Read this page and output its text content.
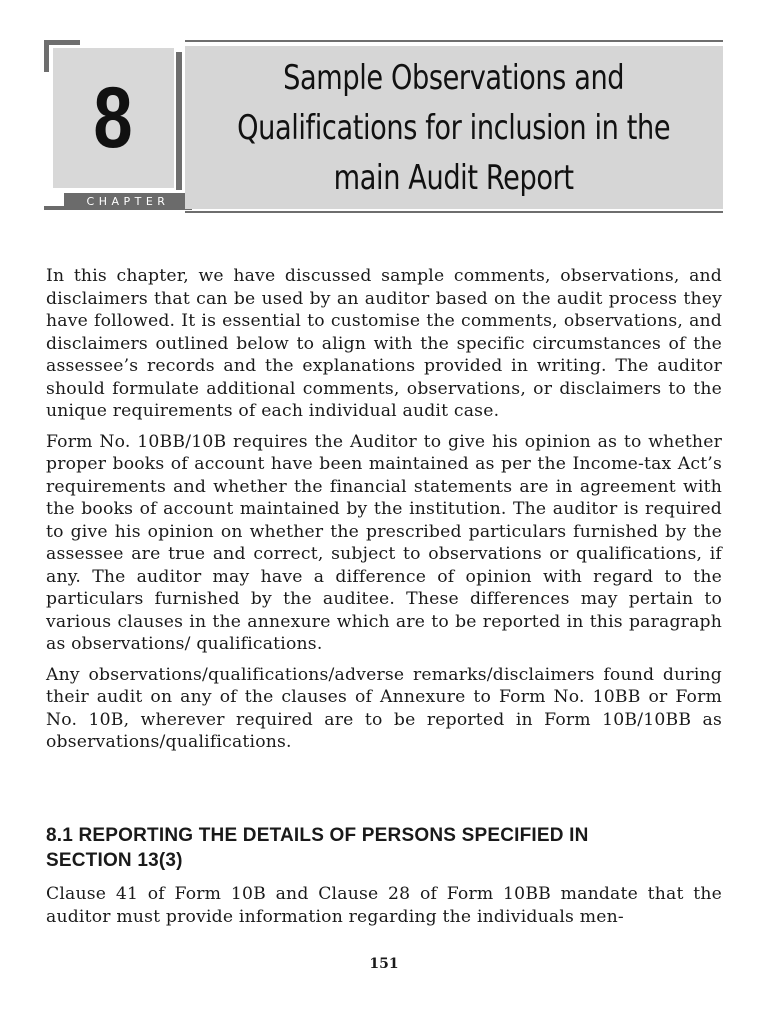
8
CHAPTER
Sample Observations and
Qualifications for inclusion in the
main Audit Report

In this chapter, we have discussed sample comments, observations, and disclaimers that can be used by an auditor based on the audit process they have followed. It is essential to customise the comments, observations, and disclaimers outlined below to align with the specific circumstances of the assessee’s records and the explanations provided in writing. The auditor should formulate additional comments, observations, or disclaimers to the unique requirements of each individual audit case.

Form No. 10BB/10B requires the Auditor to give his opinion as to whether proper books of account have been maintained as per the Income-tax Act’s requirements and whether the financial statements are in agreement with the books of account maintained by the institution. The auditor is required to give his opinion on whether the prescribed particulars furnished by the assessee are true and correct, subject to observations or qualifications, if any. The auditor may have a difference of opinion with regard to the particulars furnished by the auditee. These differences may pertain to various clauses in the annexure which are to be reported in this paragraph as observations/ qualifications.

Any observations/qualifications/adverse remarks/disclaimers found during their audit on any of the clauses of Annexure to Form No. 10BB or Form No. 10B, wherever required are to be reported in Form 10B/10BB as observations/qualifications.

8.1 REPORTING THE DETAILS OF PERSONS SPECIFIED IN
SECTION 13(3)
Clause 41 of Form 10B and Clause 28 of Form 10BB mandate that the auditor must provide information regarding the individuals men-
151
